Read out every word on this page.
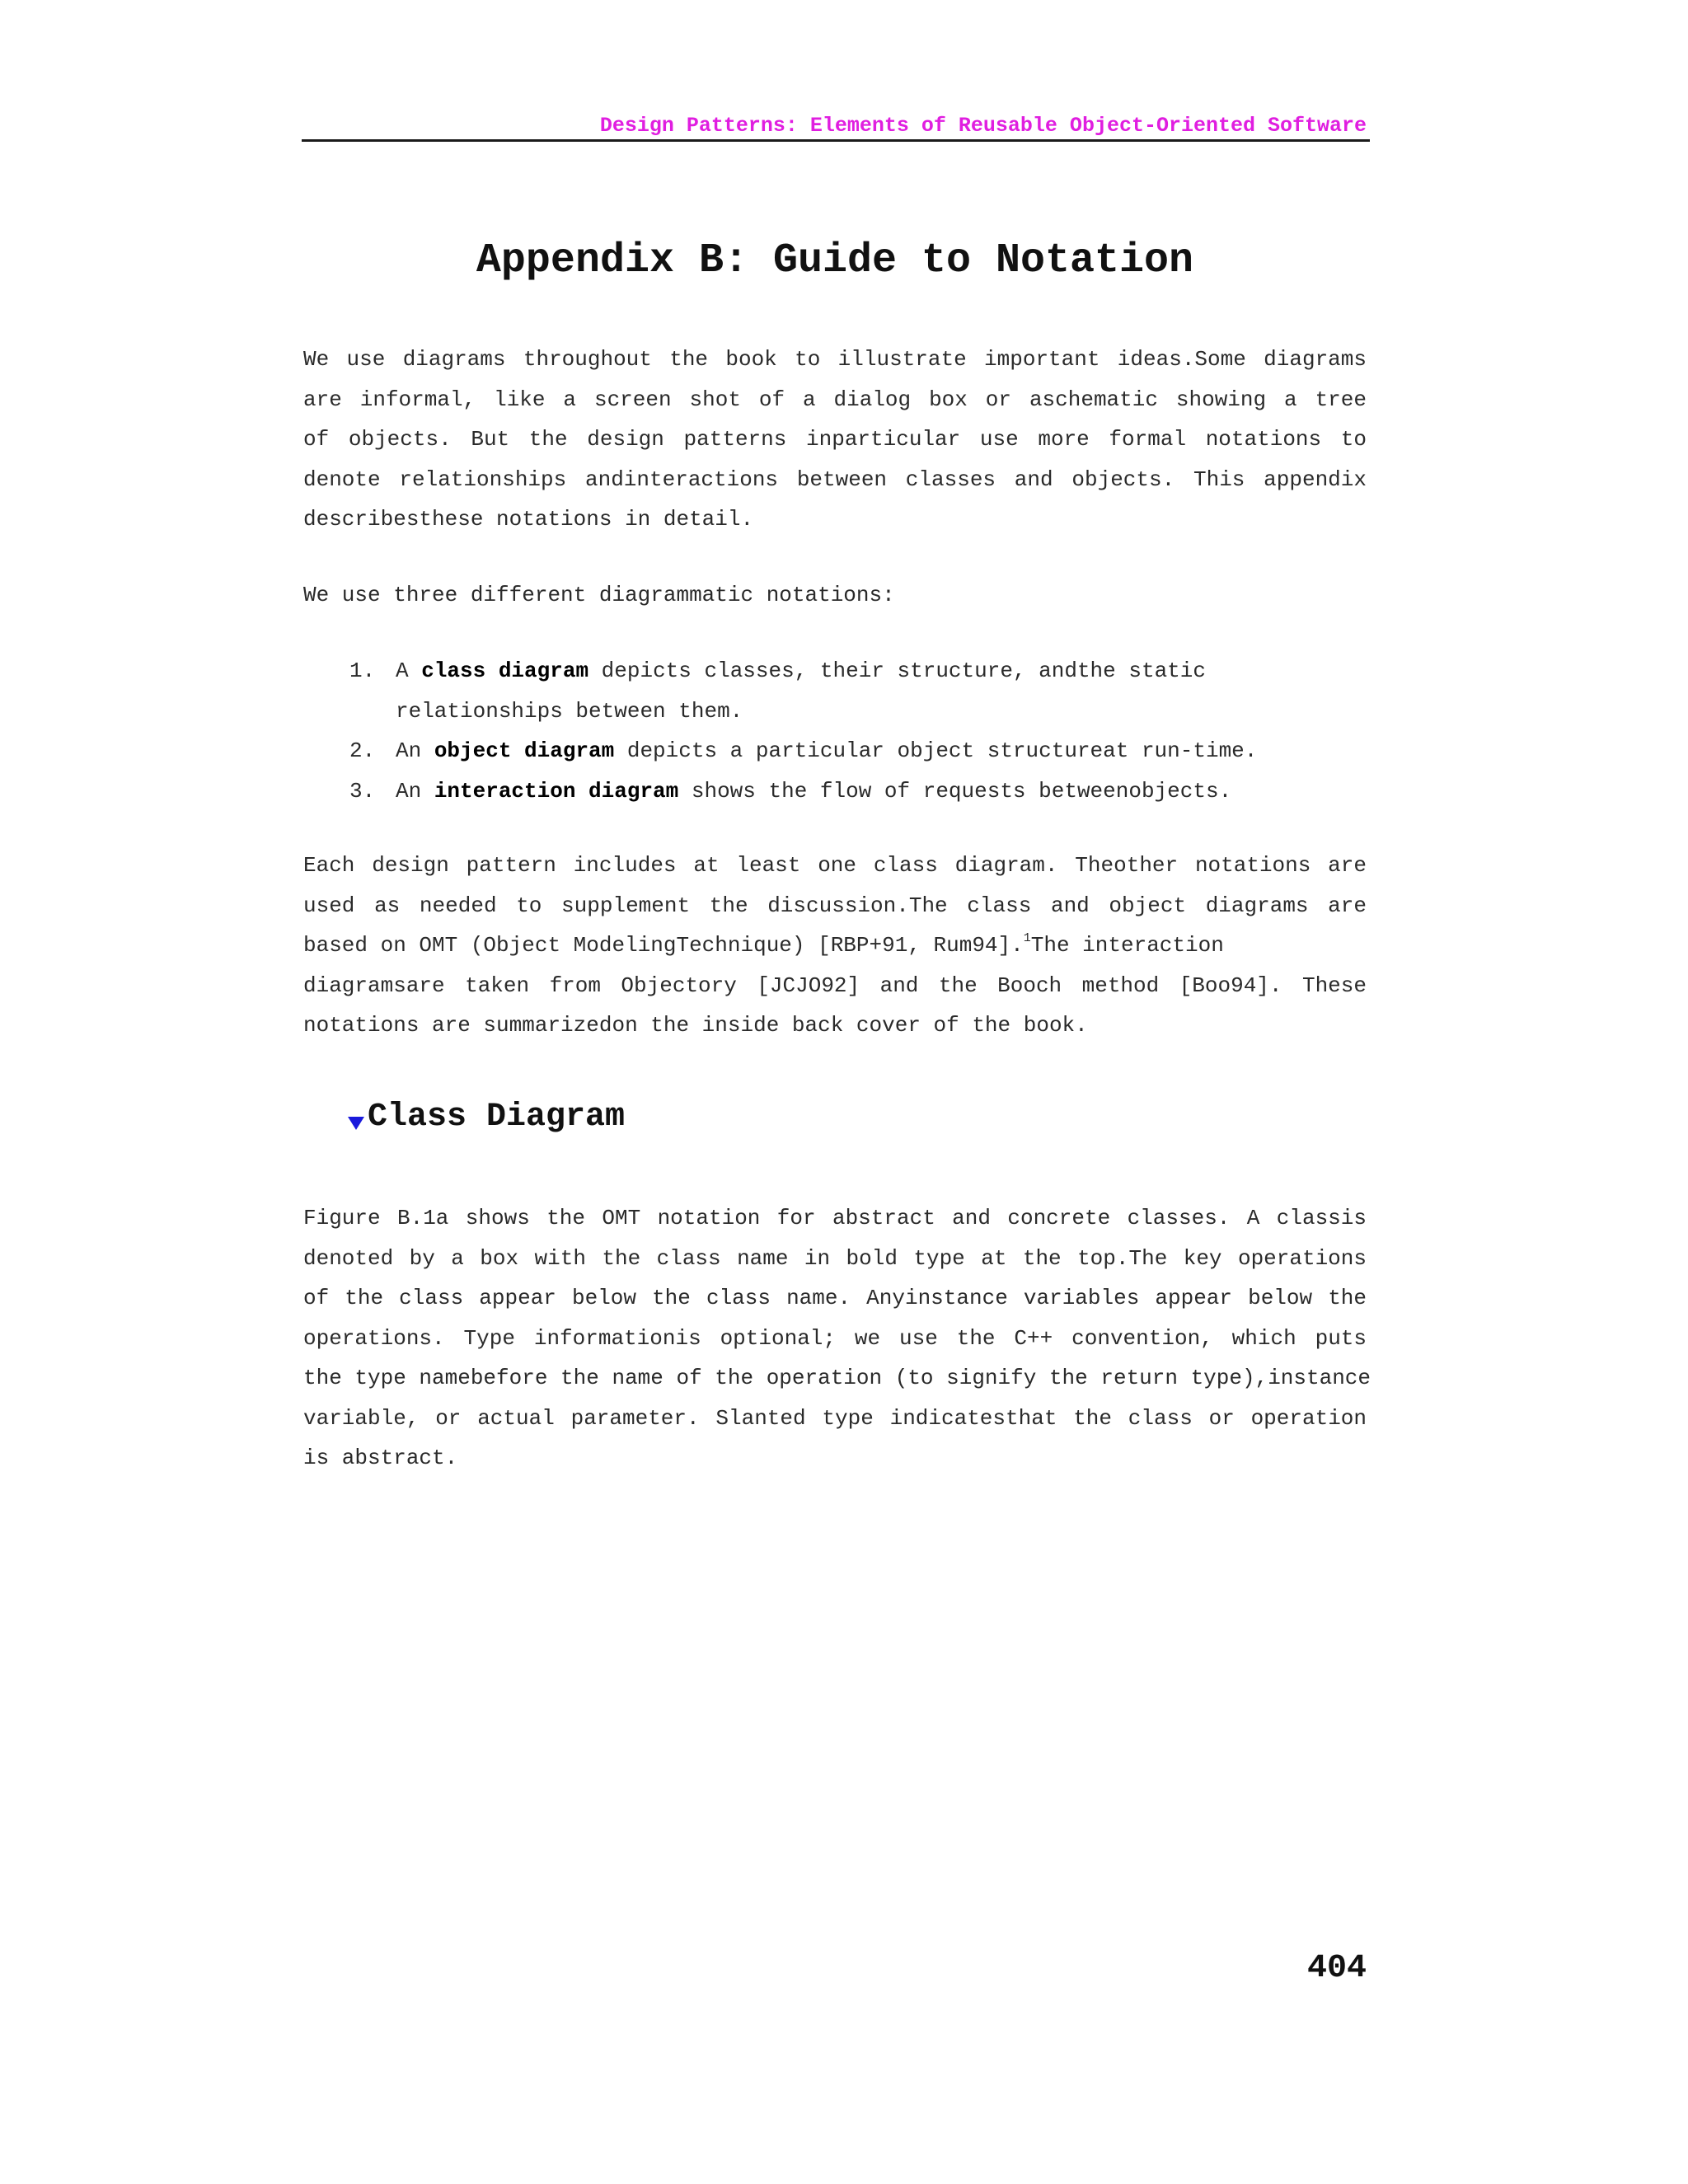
Design Patterns: Elements of Reusable Object-Oriented Software
Appendix B: Guide to Notation
We use diagrams throughout the book to illustrate important ideas.Some diagrams
are informal, like a screen shot of a dialog box or aschematic showing a tree
of objects. But the design patterns inparticular use more formal notations to
denote relationships andinteractions between classes and objects. This appendix
describesthese notations in detail.
We use three different diagrammatic notations:
1. A class diagram depicts classes, their structure, andthe static
relationships between them.
2. An object diagram depicts a particular object structureat run-time.
3. An interaction diagram shows the flow of requests betweenobjects.
Each design pattern includes at least one class diagram. Theother notations are
used as needed to supplement the discussion.The class and object diagrams are
based on OMT (Object ModelingTechnique) [RBP+91, Rum94].$^1$The interaction
diagramsare taken from Objectory [JCJO92] and the Booch method [Boo94]. These
notations are summarizedon the inside back cover of the book.
Class Diagram
Figure B.1a shows the OMT notation for abstract and concrete classes. A classis
denoted by a box with the class name in bold type at the top.The key operations
of the class appear below the class name. Anyinstance variables appear below the
operations. Type informationis optional; we use the C++ convention, which puts
the type namebefore the name of the operation (to signify the return type),instance
variable, or actual parameter. Slanted type indicatesthat the class or operation
is abstract.
404
